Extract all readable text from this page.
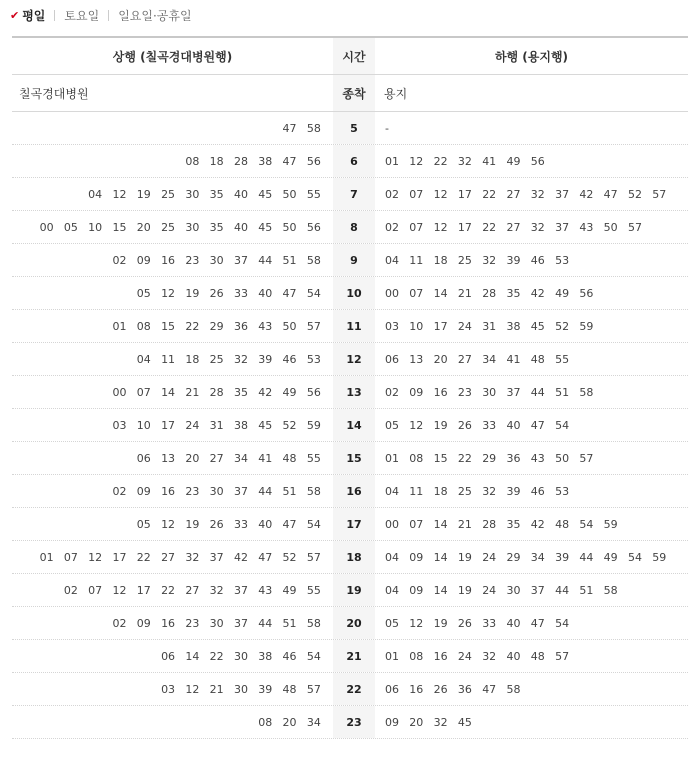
✔ 평일 토요일 일요일·공휴일
상행 (칠곡경대병원행)	시간	하행 (용지행)
칠곡경대병원	종착	용지
47 58	5	-
08 18 28 38 47 56	6	01 12 22 32 41 49 56
04 12 19 25 30 35 40 45 50 55	7	02 07 12 17 22 27 32 37 42 47 52 57
00 05 10 15 20 25 30 35 40 45 50 56	8	02 07 12 17 22 27 32 37 43 50 57
02 09 16 23 30 37 44 51 58	9	04 11 18 25 32 39 46 53
05 12 19 26 33 40 47 54	10	00 07 14 21 28 35 42 49 56
01 08 15 22 29 36 43 50 57	11	03 10 17 24 31 38 45 52 59
04 11 18 25 32 39 46 53	12	06 13 20 27 34 41 48 55
00 07 14 21 28 35 42 49 56	13	02 09 16 23 30 37 44 51 58
03 10 17 24 31 38 45 52 59	14	05 12 19 26 33 40 47 54
06 13 20 27 34 41 48 55	15	01 08 15 22 29 36 43 50 57
02 09 16 23 30 37 44 51 58	16	04 11 18 25 32 39 46 53
05 12 19 26 33 40 47 54	17	00 07 14 21 28 35 42 48 54 59
01 07 12 17 22 27 32 37 42 47 52 57	18	04 09 14 19 24 29 34 39 44 49 54 59
02 07 12 17 22 27 32 37 43 49 55	19	04 09 14 19 24 30 37 44 51 58
02 09 16 23 30 37 44 51 58	20	05 12 19 26 33 40 47 54
06 14 22 30 38 46 54	21	01 08 16 24 32 40 48 57
03 12 21 30 39 48 57	22	06 16 26 36 47 58
08 20 34	23	09 20 32 45
